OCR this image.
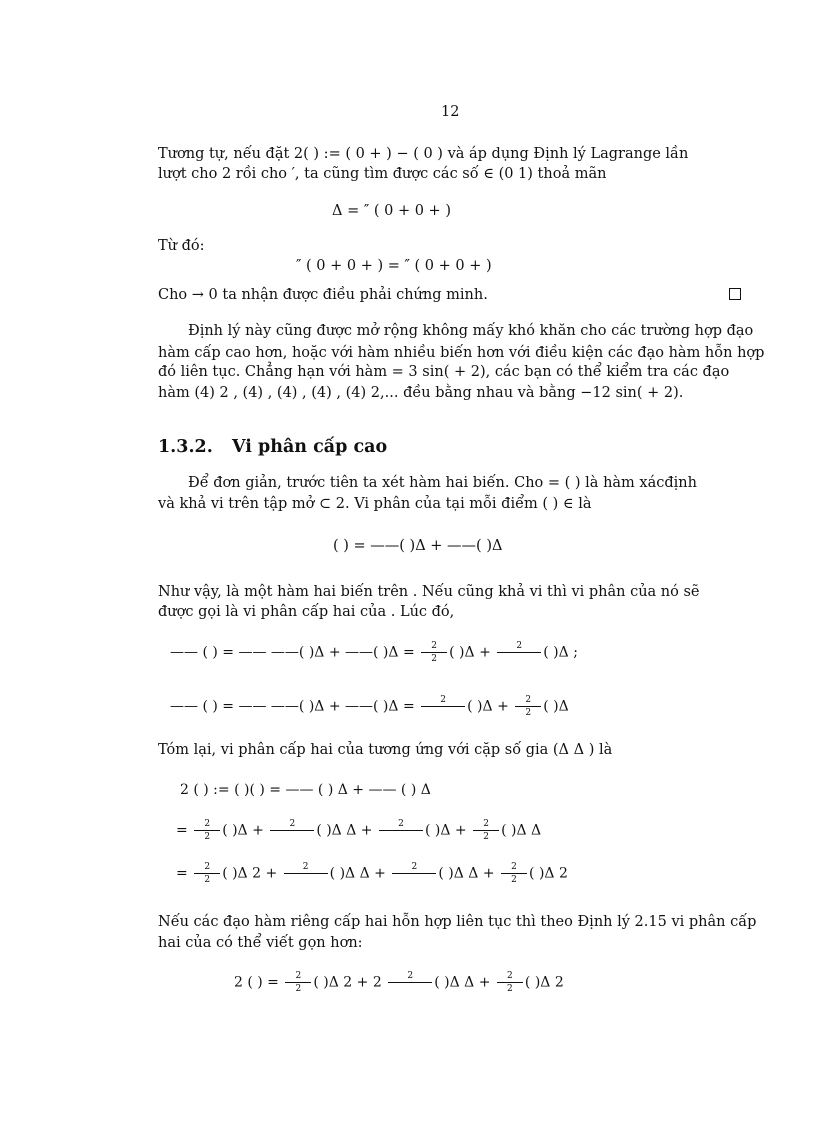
12
Tương tự, nếu đặt 2( ) := ( 0 + ) − ( 0 ) và áp dụng Định lý Lagrange lần
lượt cho 2 rồi cho ′, ta cũng tìm được các số ∈ (0 1) thoả mãn
Δ = ″ ( 0 + 0 + )
Từ đó:
″ ( 0 + 0 + ) = ″ ( 0 + 0 + )
Cho → 0 ta nhận được điều phải chứng minh.
Định lý này cũng được mở rộng không mấy khó khăn cho các trường hợp đạo
hàm cấp cao hơn, hoặc với hàm nhiều biến hơn với điều kiện các đạo hàm hỗn hợp
đó liên tục. Chẳng hạn với hàm = 3 sin( + 2), các bạn có thể kiểm tra các đạo
hàm (4) 2 , (4) , (4) , (4) , (4) 2,... đều bằng nhau và bằng −12 sin( + 2).
1.3.2. Vi phân cấp cao
Để đơn giản, trước tiên ta xét hàm hai biến. Cho = ( ) là hàm xácđịnh
và khả vi trên tập mở ⊂ 2. Vi phân của tại mỗi điểm ( ) ∈ là
( ) = ——( )Δ + ——( )Δ
Như vậy, là một hàm hai biến trên . Nếu cũng khả vi thì vi phân của nó sẽ
được gọi là vi phân cấp hai của . Lúc đó,
—— ( ) = —— ——( )Δ + ——( )$\Delta = \frac{2}{2}$ ( )Δ +	2
	( )Δ ;
—— ( ) = —— ——( )Δ + ——( )Δ =	2
	( )$\Delta + \frac{2}{2}$ ( )Δ
Tóm lại, vi phân cấp hai của tương ứng với cặp số gia (Δ Δ ) là
2 ( ) := ( )( ) = —— ( ) Δ + —— ( ) Δ
= $\frac{2}{2}$ ( )Δ +	2
	( )Δ Δ +	2
	( )$\Delta + \frac{2}{2}$ ( )Δ Δ
= $\frac{2}{2}$ ( )Δ 2 +	2
	( )Δ Δ +	2
	( )Δ $\Delta + \frac{2}{2}$ ( )Δ 2
Nếu các đạo hàm riêng cấp hai hỗn hợp liên tục thì theo Định lý 2.15 vi phân cấp
hai của có thể viết gọn hơn:
2 ( ) = $\frac{2}{2}$ ( )Δ 2 + 2	2
	( )Δ $\Delta + \frac{2}{2}$ ( )Δ 2
